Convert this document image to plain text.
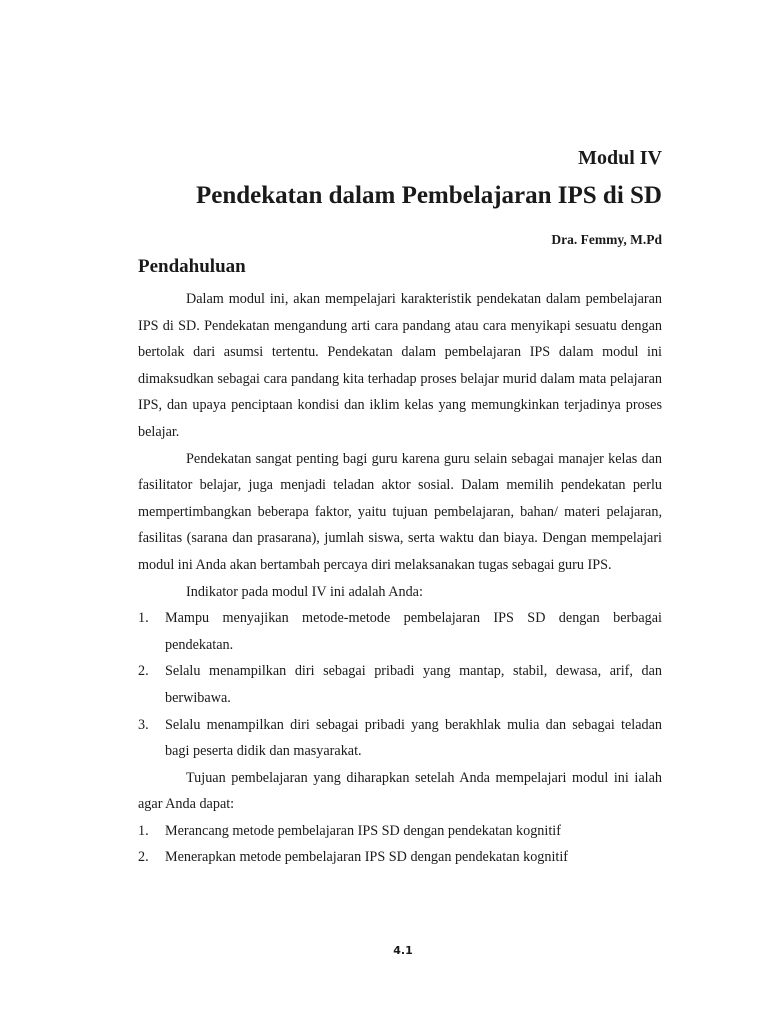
Modul IV
Pendekatan dalam Pembelajaran IPS di SD
Dra. Femmy, M.Pd
Pendahuluan

Dalam modul ini, akan mempelajari karakteristik pendekatan dalam pembelajaran IPS di SD. Pendekatan mengandung arti cara pandang atau cara menyikapi sesuatu dengan bertolak dari asumsi tertentu. Pendekatan dalam pembelajaran IPS dalam modul ini dimaksudkan sebagai cara pandang kita terhadap proses belajar murid dalam mata pelajaran IPS, dan upaya penciptaan kondisi dan iklim kelas yang memungkinkan terjadinya proses belajar.

Pendekatan sangat penting bagi guru karena guru selain sebagai manajer kelas dan fasilitator belajar, juga menjadi teladan aktor sosial. Dalam memilih pendekatan perlu mempertimbangkan beberapa faktor, yaitu tujuan pembelajaran, bahan/ materi pelajaran, fasilitas (sarana dan prasarana), jumlah siswa, serta waktu dan biaya. Dengan mempelajari modul ini Anda akan bertambah percaya diri melaksanakan tugas sebagai guru IPS.

Indikator pada modul IV ini adalah Anda:

1. Mampu menyajikan metode-metode pembelajaran IPS SD dengan berbagai pendekatan.
2. Selalu menampilkan diri sebagai pribadi yang mantap, stabil, dewasa, arif, dan berwibawa.
3. Selalu menampilkan diri sebagai pribadi yang berakhlak mulia dan sebagai teladan bagi peserta didik dan masyarakat.

Tujuan pembelajaran yang diharapkan setelah Anda mempelajari modul ini ialah agar Anda dapat:

1. Merancang metode pembelajaran IPS SD dengan pendekatan kognitif
2. Menerapkan metode pembelajaran IPS SD dengan pendekatan kognitif
4.1
